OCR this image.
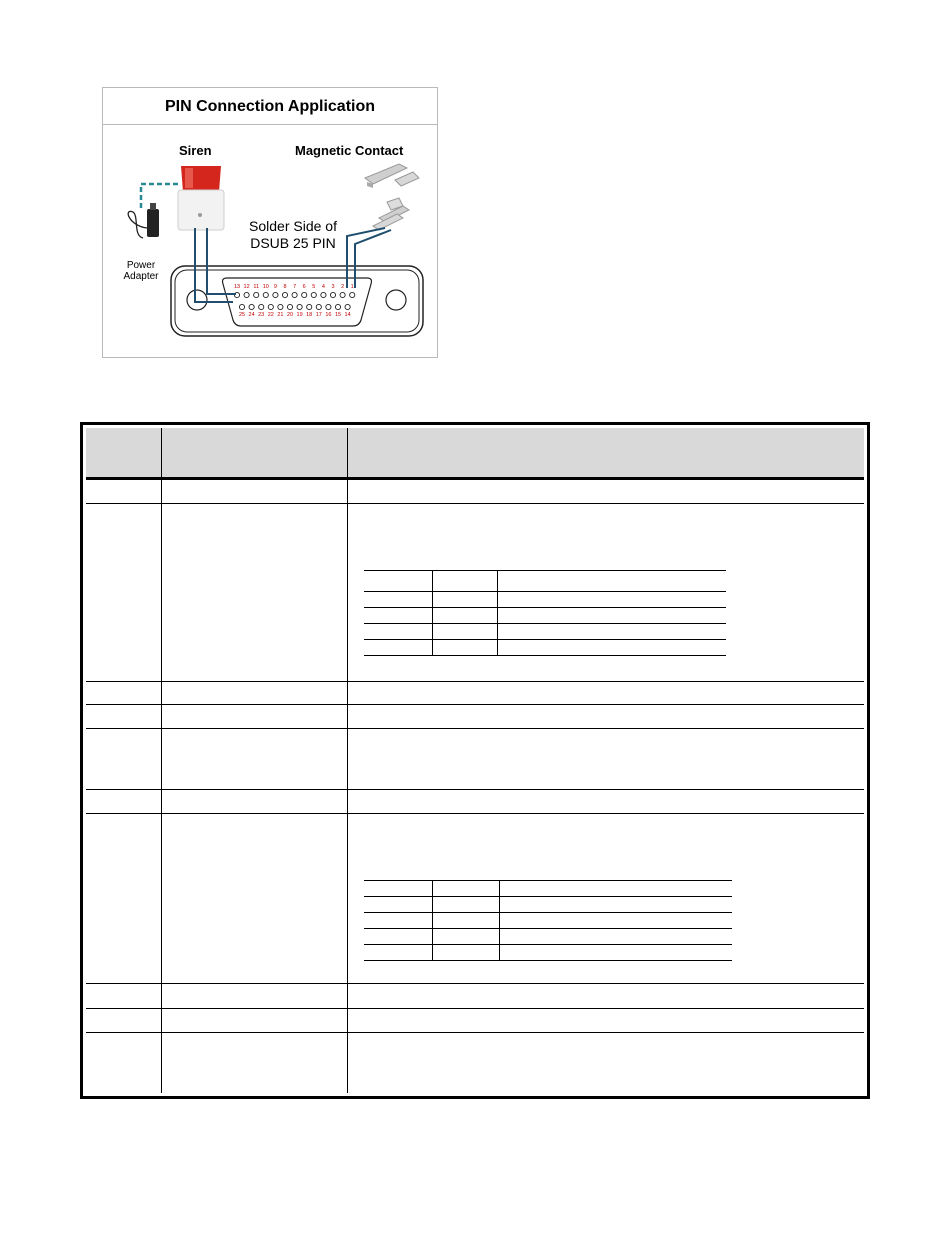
PIN Connection Application
13 12 11 10 9 8 7 6 5 4 3 2 1
25 24 23 22 21 20 19 18 17 16 15 14
Siren	Magnetic Contact
Power Adapter
Solder Side of DSUB 25 PIN
